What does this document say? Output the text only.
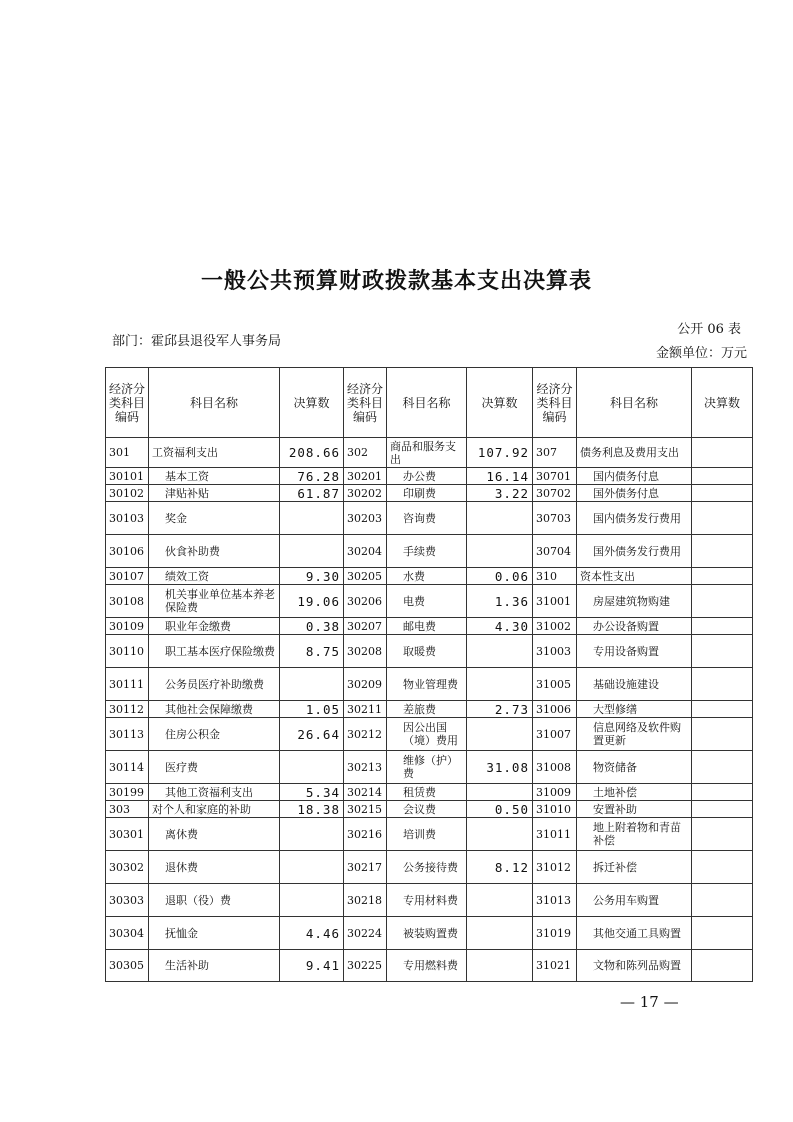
一般公共预算财政拨款基本支出决算表
公开 06 表
部门：霍邱县退役军人事务局
金额单位：万元
经济分类科目编码	科目名称	决算数	经济分类科目编码	科目名称	决算数	经济分类科目编码	科目名称	决算数
301	工资福利支出	208.66	302	商品和服务支出	107.92	307	债务利息及费用支出	
30101	基本工资	76.28	30201	办公费	16.14	30701	国内债务付息	
30102	津贴补贴	61.87	30202	印刷费	3.22	30702	国外债务付息	
30103	奖金		30203	咨询费		30703	国内债务发行费用	
30106	伙食补助费		30204	手续费		30704	国外债务发行费用	
30107	绩效工资	9.30	30205	水费	0.06	310	资本性支出	
30108	机关事业单位基本养老保险费	19.06	30206	电费	1.36	31001	房屋建筑物购建	
30109	职业年金缴费	0.38	30207	邮电费	4.30	31002	办公设备购置	
30110	职工基本医疗保险缴费	8.75	30208	取暖费		31003	专用设备购置	
30111	公务员医疗补助缴费		30209	物业管理费		31005	基础设施建设	
30112	其他社会保障缴费	1.05	30211	差旅费	2.73	31006	大型修缮	
30113	住房公积金	26.64	30212	因公出国（境）费用		31007	信息网络及软件购置更新	
30114	医疗费		30213	维修（护）费	31.08	31008	物资储备	
30199	其他工资福利支出	5.34	30214	租赁费		31009	土地补偿	
303	对个人和家庭的补助	18.38	30215	会议费	0.50	31010	安置补助	
30301	离休费		30216	培训费		31011	地上附着物和青苗补偿	
30302	退休费		30217	公务接待费	8.12	31012	拆迁补偿	
30303	退职（役）费		30218	专用材料费		31013	公务用车购置	
30304	抚恤金	4.46	30224	被装购置费		31019	其他交通工具购置	
30305	生活补助	9.41	30225	专用燃料费		31021	文物和陈列品购置	
— 17 —
